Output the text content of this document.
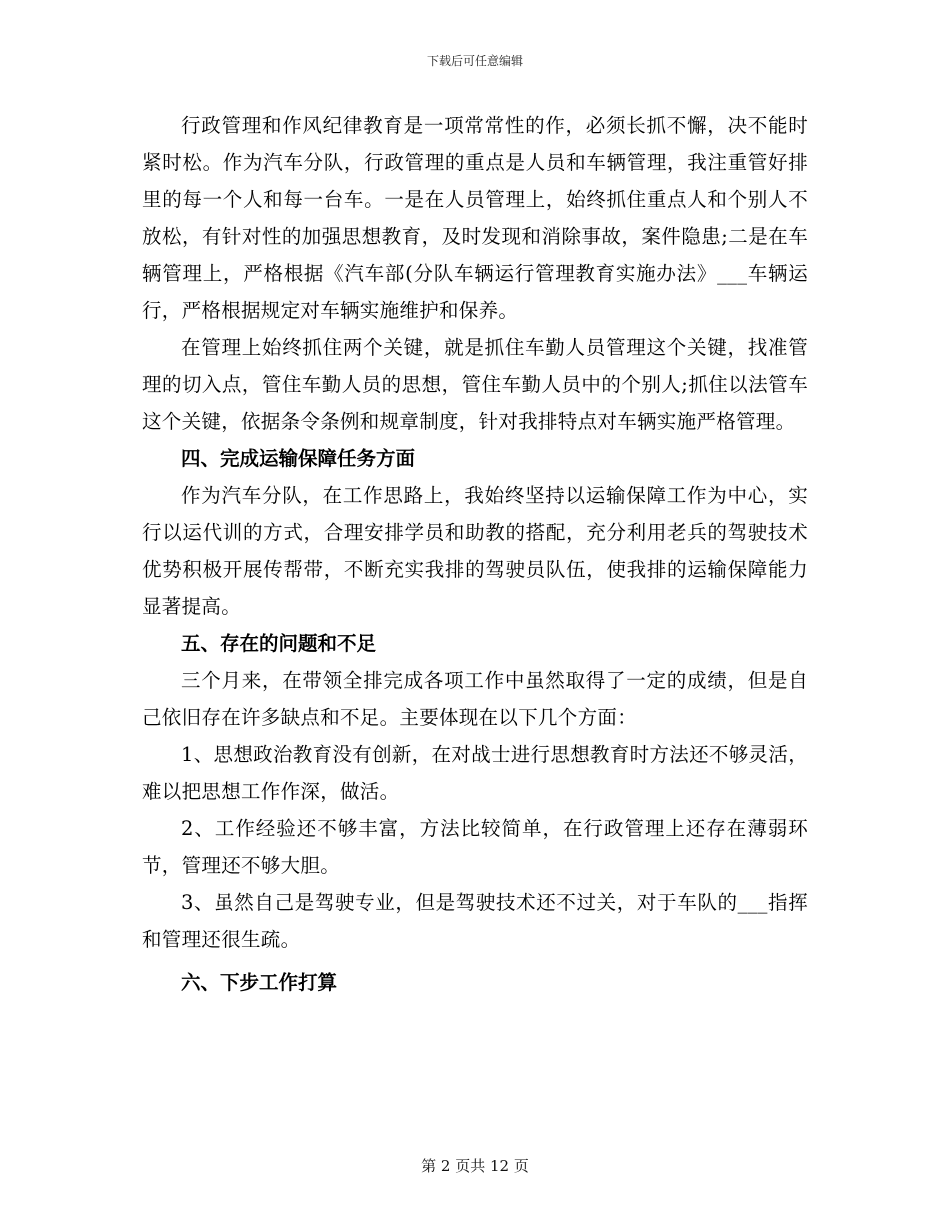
下载后可任意编辑

行政管理和作风纪律教育是一项常常性的作，必须长抓不懈，决不能时紧时松。作为汽车分队，行政管理的重点是人员和车辆管理，我注重管好排里的每一个人和每一台车。一是在人员管理上，始终抓住重点人和个别人不放松，有针对性的加强思想教育，及时发现和消除事故，案件隐患;二是在车辆管理上，严格根据《汽车部(分队车辆运行管理教育实施办法》___车辆运行，严格根据规定对车辆实施维护和保养。

在管理上始终抓住两个关键，就是抓住车勤人员管理这个关键，找准管理的切入点，管住车勤人员的思想，管住车勤人员中的个别人;抓住以法管车这个关键，依据条令条例和规章制度，针对我排特点对车辆实施严格管理。

四、完成运输保障任务方面

作为汽车分队，在工作思路上，我始终坚持以运输保障工作为中心，实行以运代训的方式，合理安排学员和助教的搭配，充分利用老兵的驾驶技术优势积极开展传帮带，不断充实我排的驾驶员队伍，使我排的运输保障能力显著提高。

五、存在的问题和不足

三个月来，在带领全排完成各项工作中虽然取得了一定的成绩，但是自己依旧存在许多缺点和不足。主要体现在以下几个方面：

1、思想政治教育没有创新，在对战士进行思想教育时方法还不够灵活，难以把思想工作作深，做活。

2、工作经验还不够丰富，方法比较简单，在行政管理上还存在薄弱环节，管理还不够大胆。

3、虽然自己是驾驶专业，但是驾驶技术还不过关，对于车队的___指挥和管理还很生疏。

六、下步工作打算

第 2 页共 12 页
